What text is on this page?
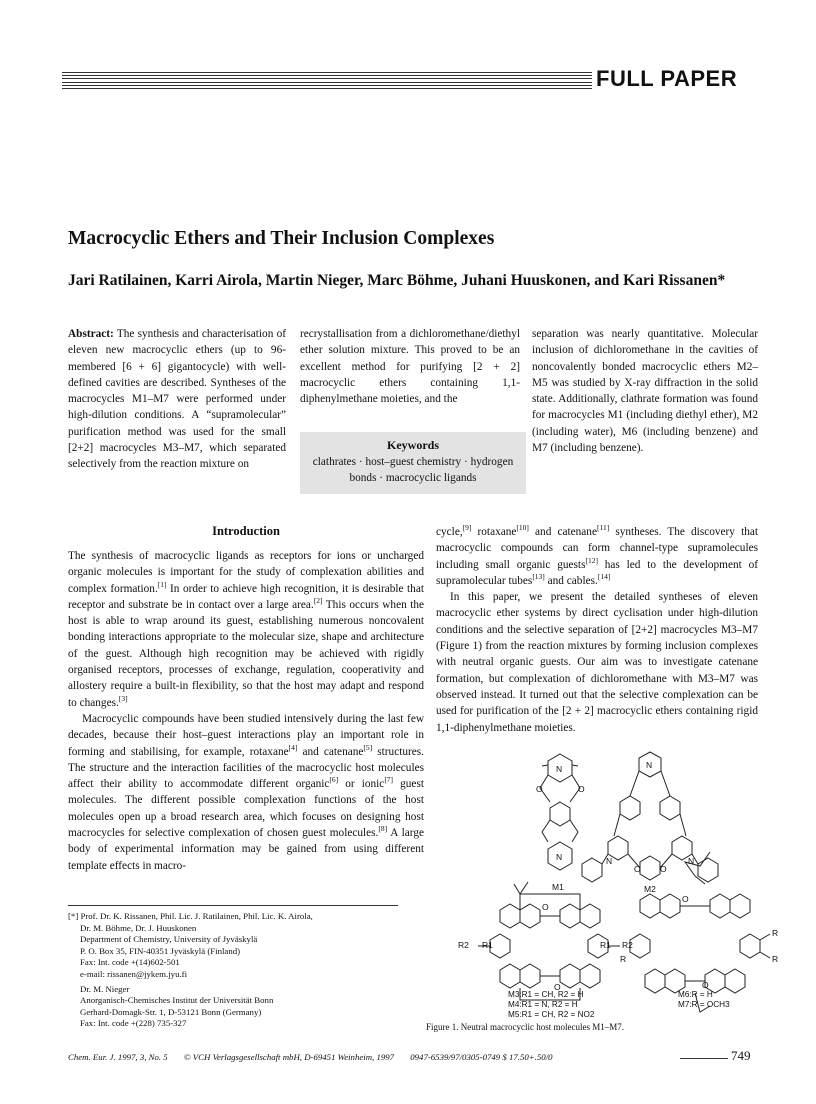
FULL PAPER
Macrocyclic Ethers and Their Inclusion Complexes
Jari Ratilainen, Karri Airola, Martin Nieger, Marc Böhme, Juhani Huuskonen, and Kari Rissanen*
Abstract: The synthesis and characterisation of eleven new macrocyclic ethers (up to 96-membered [6 + 6] gigantocycle) with well-defined cavities are described. Syntheses of the macrocycles M1–M7 were performed under high-dilution conditions. A “supramolecular” purification method was used for the small [2+2] macrocycles M3–M7, which separated selectively from the reaction mixture on
recrystallisation from a dichloromethane/diethyl ether solution mixture. This proved to be an excellent method for purifying [2 + 2] macrocyclic ethers containing 1,1-diphenylmethane moieties, and the
Keywords
clathrates · host–guest chemistry · hydrogen bonds · macrocyclic ligands
separation was nearly quantitative. Molecular inclusion of dichloromethane in the cavities of noncovalently bonded macrocyclic ethers M2–M5 was studied by X-ray diffraction in the solid state. Additionally, clathrate formation was found for macrocycles M1 (including diethyl ether), M2 (including water), M6 (including benzene) and M7 (including benzene).
Introduction

The synthesis of macrocyclic ligands as receptors for ions or uncharged organic molecules is important for the study of complexation abilities and complex formation.[1] In order to achieve high recognition, it is desirable that receptor and substrate be in contact over a large area.[2] This occurs when the host is able to wrap around its guest, establishing numerous noncovalent bonding interactions appropriate to the molecular size, shape and architecture of the guest. Although high recognition may be achieved with rigidly organised receptors, processes of exchange, regulation, cooperativity and allostery require a built-in flexibility, so that the host may adapt and respond to changes.[3]

Macrocyclic compounds have been studied intensively during the last few decades, because their host–guest interactions play an important role in forming and stabilising, for example, rotaxane[4] and catenane[5] structures. The structure and the interaction facilities of the macrocyclic host molecules affect their ability to accommodate different organic[6] or ionic[7] guest molecules. The different possible complexation functions of the host molecules open up a broad research area, which focuses on designing host macrocycles for selective complexation of chosen guest molecules.[8] A large body of experimental information may be gained from using different template effects in macro-

cycle,[9] rotaxane[10] and catenane[11] syntheses. The discovery that macrocyclic compounds can form channel-type supramolecules including small organic guests[12] has led to the development of supramolecular tubes[13] and cables.[14]

In this paper, we present the detailed syntheses of eleven macrocyclic ether systems by direct cyclisation under high-dilution conditions and the selective separation of [2+2] macrocycles M3–M7 (Figure 1) from the reaction mixtures by forming inclusion complexes with neutral organic guests. Our aim was to investigate catenane formation, but complexation of dichloromethane with M3–M7 was observed instead. It turned out that the selective complexation can be used for purification of the [2 + 2] macrocyclic ethers containing rigid 1,1-diphenylmethane moieties.

[*] Prof. Dr. K. Rissanen, Phil. Lic. J. Ratilainen, Phil. Lic. K. Airola,
Dr. M. Böhme, Dr. J. Huuskonen
Department of Chemistry, University of Jyväskylä
P. O. Box 35, FIN-40351 Jyväskylä (Finland)
Fax: Int. code +(14)602-501
e-mail: rissanen@jykem.jyu.fi
Dr. M. Nieger
Anorganisch-Chemisches Institut der Universität Bonn
Gerhard-Domagk-Str. 1, D-53121 Bonn (Germany)
Fax: Int. code +(228) 735-327
N
O	O
N
N
N	N
O O
M1	M2
R2 R1	R1 R2
R
R
R
O
O
O
O
M3:R1 = CH, R2 = H
M4:R1 = N, R2 = H
M5:R1 = CH, R2 = NO2
M6:R = H
M7:R = OCH3
Figure 1. Neutral macrocyclic host molecules M1–M7.
Chem. Eur. J. 1997, 3, No. 5 © VCH Verlagsgesellschaft mbH, D-69451 Weinheim, 1997 0947-6539/97/0305-0749 $ 17.50+.50/0	749
